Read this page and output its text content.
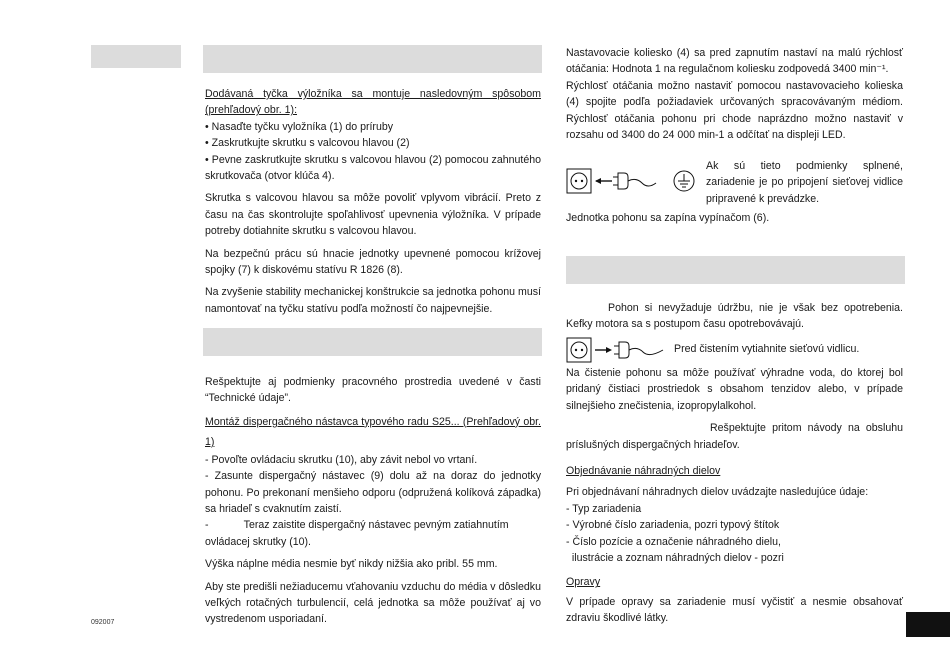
Dodávaná tyčka výložníka sa montuje nasledovným spôsobom (prehľadový obr. 1):

• Nasaďte tyčku vyložníka (1) do príruby

• Zaskrutkujte skrutku s valcovou hlavou (2)

• Pevne zaskrutkujte skrutku s valcovou hlavou (2) pomocou zahnutého skrutkovača (otvor klúča 4).

Skrutka s valcovou hlavou sa môže povoliť vplyvom vibrácií. Preto z času na čas skontrolujte spoľahlivosť upevnenia výložníka. V prípade potreby dotiahnite skrutku s valcovou hlavou.

Na bezpečnú prácu sú hnacie jednotky upevnené pomocou krížovej spojky (7) k diskovému statívu R 1826 (8).

Na zvyšenie stability mechanickej konštrukcie sa jednotka pohonu musí namontovať na tyčku statívu podľa možností čo najpevnejšie.

Rešpektujte aj podmienky pracovného prostredia uvedené v časti “Technické údaje”.

Montáž dispergačného nástavca typového radu S25... (Prehľadový obr. 1)

- Povoľte ovládaciu skrutku (10), aby závit nebol vo vrtaní.

- Zasunte dispergačný nástavec (9) dolu až na doraz do jednotky pohonu. Po prekonaní menšieho odporu (odpružená kolíková západka) sa hriadeľ s cvaknutím zaistí.

-            Teraz zaistite dispergačný nástavec pevným zatiahnutím ovládacej skrutky (10).

Výška náplne média nesmie byť nikdy nižšia ako pribl. 55 mm.

Aby ste predišli nežiaducemu vťahovaniu vzduchu do média v dôsledku veľkých rotačných turbulencií, celá jednotka sa môže používať aj vo vystredenom usporiadaní.

092007

Nastavovacie koliesko (4) sa pred zapnutím nastaví na malú rýchlosť otáčania: Hodnota 1 na regulačnom koliesku zodpovedá 3400 min⁻¹.

Rýchlosť otáčania možno nastaviť pomocou nastavovacieho kolieska (4) spojite podľa požiadaviek určovaných spracovávaným médiom. Rýchlosť otáčania pohonu pri chode naprázdno možno nastaviť v rozsahu od 3400 do 24 000 min-1 a odčítať na displeji LED.

Ak sú tieto podmienky splnené, zariadenie je po pripojení sieťovej vidlice pripravené k prevádzke.
Jednotka pohonu sa zapína vypínačom (6).
Pohon si nevyžaduje údržbu, nie je však bez opotrebenia. Kefky motora sa s postupom času opotrebovávajú.
Pred čistením vytiahnite sieťovú vidlicu.

Na čistenie pohonu sa môže používať výhradne voda, do ktorej bol pridaný čistiaci prostriedok s obsahom tenzidov alebo, v prípade silnejšieho znečistenia, izopropylalkohol.

Rešpektujte pritom návody na obsluhu príslušných dispergačných hriadeľov.

Objednávanie náhradných dielov

Pri objednávaní náhradnych dielov uvádzajte nasledujúce údaje:

- Typ zariadenia

- Výrobné číslo zariadenia, pozri typový štítok

- Číslo pozície a označenie náhradného dielu,

ilustrácie a zoznam náhradných dielov - pozri

Opravy

V prípade opravy sa zariadenie musí vyčistiť a nesmie obsahovať zdraviu škodlivé látky.
